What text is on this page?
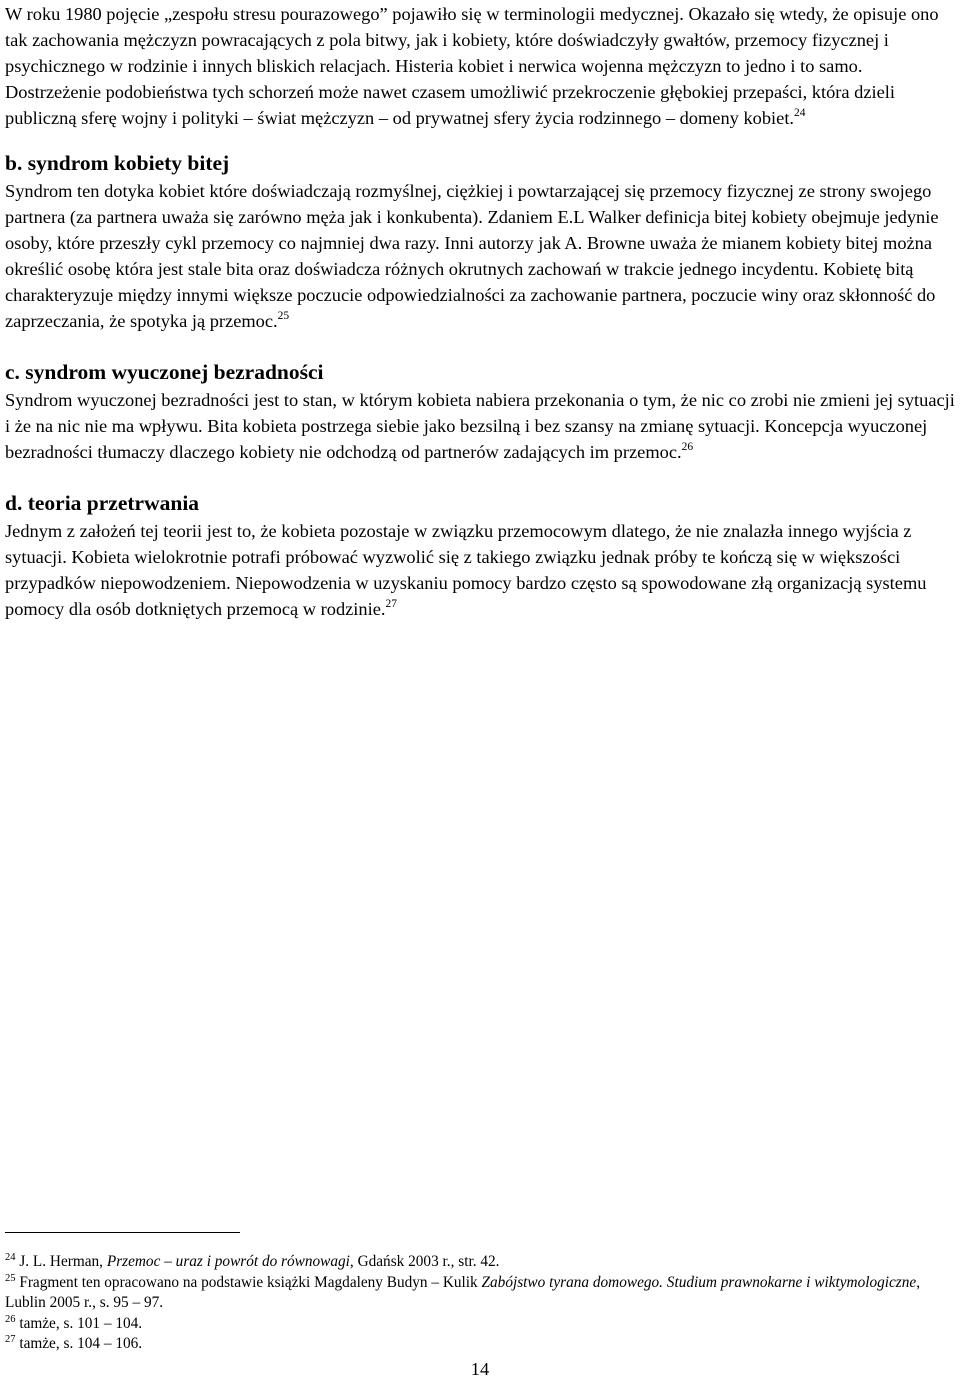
W roku 1980 pojęcie „zespołu stresu pourazowego” pojawiło się w terminologii medycznej. Okazało się wtedy, że opisuje ono tak zachowania mężczyzn powracających z pola bitwy, jak i kobiety, które doświadczyły gwałtów, przemocy fizycznej i psychicznego w rodzinie i innych bliskich relacjach. Histeria kobiet i nerwica wojenna mężczyzn to jedno i to samo. Dostrzeżenie podobieństwa tych schorzeń może nawet czasem umożliwić przekroczenie głębokiej przepaści, która dzieli publiczną sferę wojny i polityki – świat mężczyzn – od prywatnej sfery życia rodzinnego – domeny kobiet.$^{24}$

b. syndrom kobiety bitej

Syndrom ten dotyka kobiet które doświadczają rozmyślnej, ciężkiej i powtarzającej się przemocy fizycznej ze strony swojego partnera (za partnera uważa się zarówno męża jak i konkubenta). Zdaniem E.L Walker definicja bitej kobiety obejmuje jedynie osoby, które przeszły cykl przemocy co najmniej dwa razy. Inni autorzy jak A. Browne uważa że mianem kobiety bitej można określić osobę która jest stale bita oraz doświadcza różnych okrutnych zachowań w trakcie jednego incydentu. Kobietę bitą charakteryzuje między innymi większe poczucie odpowiedzialności za zachowanie partnera, poczucie winy oraz skłonność do zaprzeczania, że spotyka ją przemoc.$^{25}$

c. syndrom wyuczonej bezradności

Syndrom wyuczonej bezradności jest to stan, w którym kobieta nabiera przekonania o tym, że nic co zrobi nie zmieni jej sytuacji i że na nic nie ma wpływu. Bita kobieta postrzega siebie jako bezsilną i bez szansy na zmianę sytuacji. Koncepcja wyuczonej bezradności tłumaczy dlaczego kobiety nie odchodzą od partnerów zadających im przemoc.$^{26}$

d. teoria przetrwania

Jednym z założeń tej teorii jest to, że kobieta pozostaje w związku przemocowym dlatego, że nie znalazła innego wyjścia z sytuacji. Kobieta wielokrotnie potrafi próbować wyzwolić się z takiego związku jednak próby te kończą się w większości przypadków niepowodzeniem. Niepowodzenia w uzyskaniu pomocy bardzo często są spowodowane złą organizacją systemu pomocy dla osób dotkniętych przemocą w rodzinie.$^{27}$

$^{24}$ J. L. Herman, Przemoc – uraz i powrót do równowagi, Gdańsk 2003 r., str. 42.

$^{25}$ Fragment ten opracowano na podstawie książki Magdaleny Budyn – Kulik Zabójstwo tyrana domowego. Studium prawnokarne i wiktymologiczne, Lublin 2005 r., s. 95 – 97.

$^{26}$ tamże, s. 101 – 104.

$^{27}$ tamże, s. 104 – 106.

14
